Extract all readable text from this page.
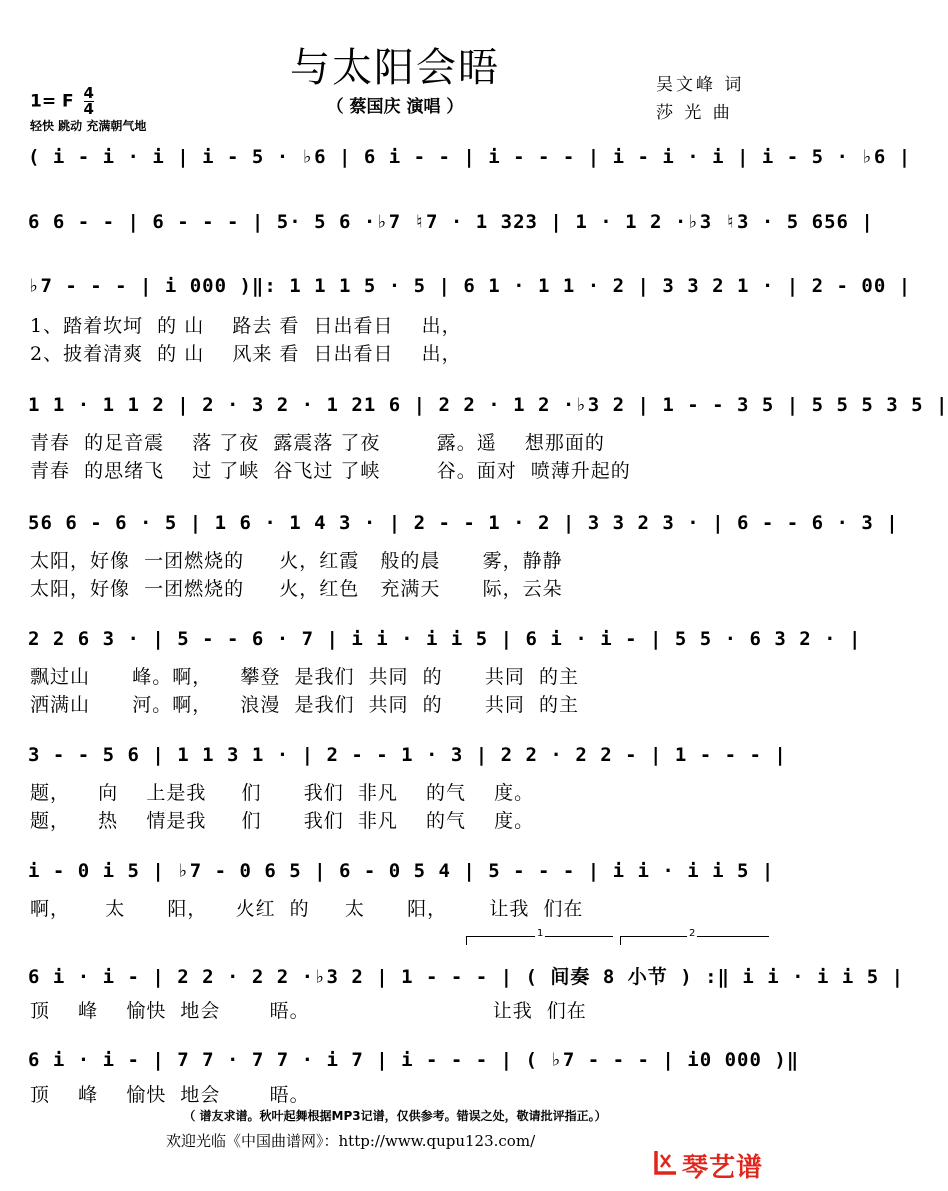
与太阳会晤
（ 蔡国庆 演唱 ）
吴文峰 词
莎 光 曲
1= F $\frac{4}{4}$
轻快 跳动 充满朝气地
( i - i · i | i - 5 · ♭6 | 6 i - - | i - - - | i - i · i | i - 5 · ♭6 |
6 6 - - | 6 - - - | 5· 5 6 ·♭7 ♮7 · 1 323 | 1 · 1 2 ·♭3 ♮3 · 5 656 |
♭7 - - - | i 000 )‖: 1 1 1 5 · 5 | 6 1 · 1 1 · 2 | 3 3 2 1 · | 2 - 00 |
1、踏着坎坷  的 山    路去 看  日出看日    出，
2、披着清爽  的 山    风来 看  日出看日    出，
1 1 · 1 1 2 | 2 · 3 2 · 1 21 6 | 2 2 · 1 2 ·♭3 2 | 1 - - 3 5 | 5 5 5 3 5 |
青春  的足音震    落 了夜  露震落 了夜        露。遥    想那面的
青春  的思绪飞    过 了峡  谷飞过 了峡        谷。面对  喷薄升起的
56 6 - 6 · 5 | 1 6 · 1 4 3 · | 2 - - 1 · 2 | 3 3 2 3 · | 6 - - 6 · 3 |
太阳，好像  一团燃烧的     火，红霞   般的晨      雾，静静
太阳，好像  一团燃烧的     火，红色   充满天      际，云朵
2 2 6 3 · | 5 - - 6 · 7 | i i · i i 5 | 6 i · i - | 5 5 · 6 3 2 · |
飘过山      峰。啊，    攀登  是我们  共同  的      共同  的主
洒满山      河。啊，    浪漫  是我们  共同  的      共同  的主
3 - - 5 6 | 1 1 3 1 · | 2 - - 1 · 3 | 2 2 · 2 2 - | 1 - - - |
题，    向    上是我     们      我们  非凡    的气    度。
题，    热    情是我     们      我们  非凡    的气    度。
i - 0 i 5 | ♭7 - 0 6 5 | 6 - 0 5 4 | 5 - - - | i i · i i 5 |
啊，     太      阳，    火红  的     太      阳，      让我  们在
1	2
6 i · i - | 2 2 · 2 2 ·♭3 2 | 1 - - - | ( 间奏 8 小节 ) :‖ i i · i i 5 |
顶    峰    愉快  地会       晤。                          让我  们在
6 i · i - | 7 7 · 7 7 · i 7 | i - - - | ( ♭7 - - - | i0 000 )‖
顶    峰    愉快  地会       晤。
（ 谱友求谱。秋叶起舞根据MP3记谱，仅供参考。错误之处，敬请批评指正。）
欢迎光临《中国曲谱网》：http://www.qupu123.com/
琴艺谱
